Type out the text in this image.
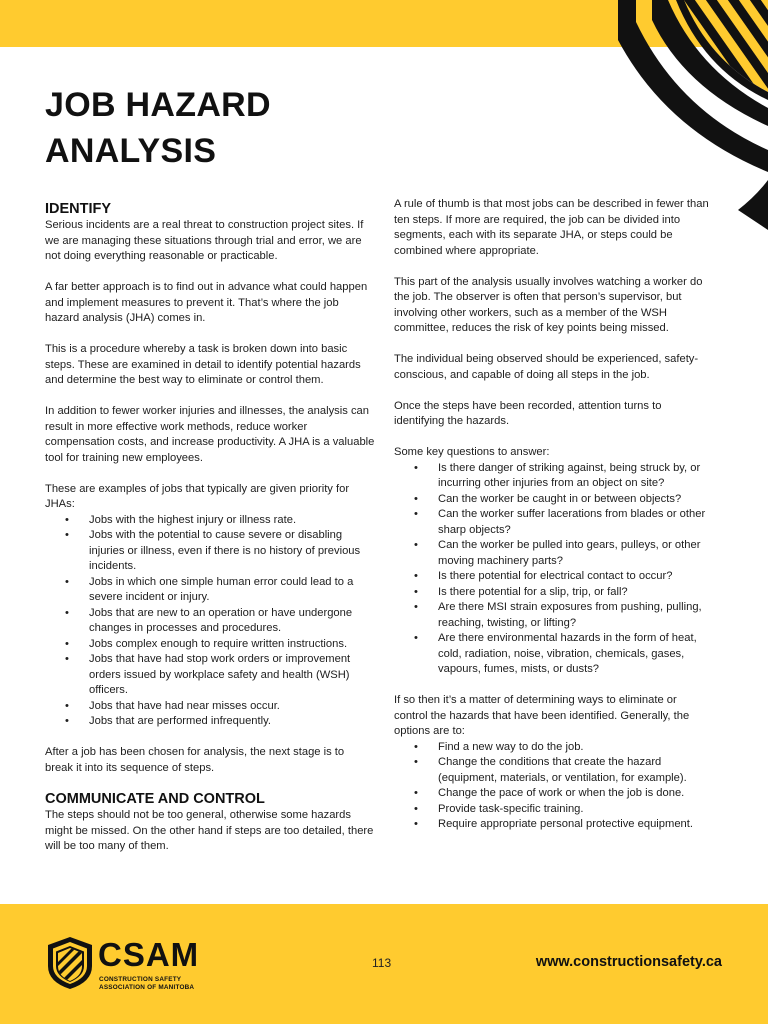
JOB HAZARD
ANALYSIS
IDENTIFY

Serious incidents are a real threat to construction project sites. If we are managing these situations through trial and error, we are not doing everything reasonable or practicable.

A far better approach is to find out in advance what could happen and implement measures to prevent it. That’s where the job hazard analysis (JHA) comes in.

This is a procedure whereby a task is broken down into basic steps. These are examined in detail to identify potential hazards and determine the best way to eliminate or control them.

In addition to fewer worker injuries and illnesses, the analysis can result in more effective work methods, reduce worker compensation costs, and increase productivity. A JHA is a valuable tool for training new employees.

These are examples of jobs that typically are given priority for JHAs:

• Jobs with the highest injury or illness rate.
• Jobs with the potential to cause severe or disabling injuries or illness, even if there is no history of previous incidents.
• Jobs in which one simple human error could lead to a severe incident or injury.
• Jobs that are new to an operation or have undergone changes in processes and procedures.
• Jobs complex enough to require written instructions.
• Jobs that have had stop work orders or improvement orders issued by workplace safety and health (WSH) officers.
• Jobs that have had near misses occur.
• Jobs that are performed infrequently.

After a job has been chosen for analysis, the next stage is to break it into its sequence of steps.

COMMUNICATE AND CONTROL

The steps should not be too general, otherwise some hazards might be missed. On the other hand if steps are too detailed, there will be too many of them.

A rule of thumb is that most jobs can be described in fewer than ten steps. If more are required, the job can be divided into segments, each with its separate JHA, or steps could be combined where appropriate.

This part of the analysis usually involves watching a worker do the job. The observer is often that person’s supervisor, but involving other workers, such as a member of the WSH committee, reduces the risk of key points being missed.

The individual being observed should be experienced, safety-conscious, and capable of doing all steps in the job.

Once the steps have been recorded, attention turns to identifying the hazards.

Some key questions to answer:

• Is there danger of striking against, being struck by, or incurring other injuries from an object on site?
• Can the worker be caught in or between objects?
• Can the worker suffer lacerations from blades or other sharp objects?
• Can the worker be pulled into gears, pulleys, or other moving machinery parts?
• Is there potential for electrical contact to occur?
• Is there potential for a slip, trip, or fall?
• Are there MSI strain exposures from pushing, pulling, reaching, twisting, or lifting?
• Are there environmental hazards in the form of heat, cold, radiation, noise, vibration, chemicals, gases, vapours, fumes, mists, or dusts?

If so then it’s a matter of determining ways to eliminate or control the hazards that have been identified. Generally, the options are to:

• Find a new way to do the job.
• Change the conditions that create the hazard (equipment, materials, or ventilation, for example).
• Change the pace of work or when the job is done.
• Provide task-specific training.
• Require appropriate personal protective equipment.
CSAM
CONSTRUCTION SAFETY
ASSOCIATION OF MANITOBA
113	www.constructionsafety.ca
